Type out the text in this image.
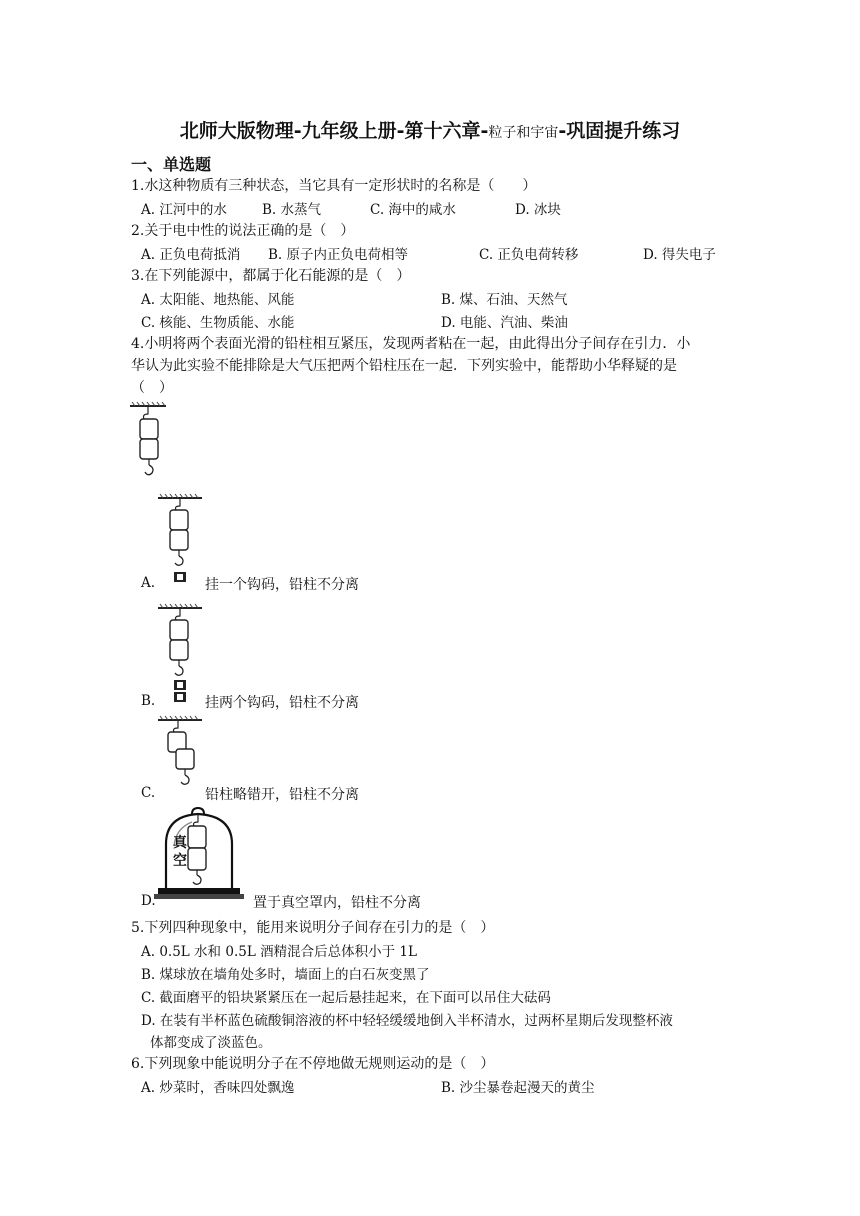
北师大版物理-九年级上册-第十六章-粒子和宇宙-巩固提升练习
一、单选题
1.水这种物质有三种状态，当它具有一定形状时的名称是（　　）
A. 江河中的水	B. 水蒸气	C. 海中的咸水	D. 冰块
2.关于电中性的说法正确的是（　）
A. 正负电荷抵消 B. 原子内正负电荷相等	C. 正负电荷转移	D. 得失电子
3.在下列能源中，都属于化石能源的是（　）
A. 太阳能、地热能、风能	B. 煤、石油、天然气
C. 核能、生物质能、水能	D. 电能、汽油、柴油
4.小明将两个表面光滑的铅柱相互紧压，发现两者粘在一起，由此得出分子间存在引力．小
华认为此实验不能排除是大气压把两个铅柱压在一起．下列实验中，能帮助小华释疑的是
（　）
A.	挂一个钩码，铅柱不分离
B.	挂两个钩码，铅柱不分离
C.	铅柱略错开，铅柱不分离
真
空
D.	置于真空罩内，铅柱不分离
5.下列四种现象中，能用来说明分子间存在引力的是（　）
A. 0.5L 水和 0.5L 酒精混合后总体积小于 1L
B. 煤球放在墙角处多时，墙面上的白石灰变黑了
C. 截面磨平的铅块紧紧压在一起后悬挂起来，在下面可以吊住大砝码
D. 在装有半杯蓝色硫酸铜溶液的杯中轻轻缓缓地倒入半杯清水，过两杯星期后发现整杯液
体都变成了淡蓝色。
6.下列现象中能说明分子在不停地做无规则运动的是（　）
A. 炒菜时，香味四处飘逸	B. 沙尘暴卷起漫天的黄尘
